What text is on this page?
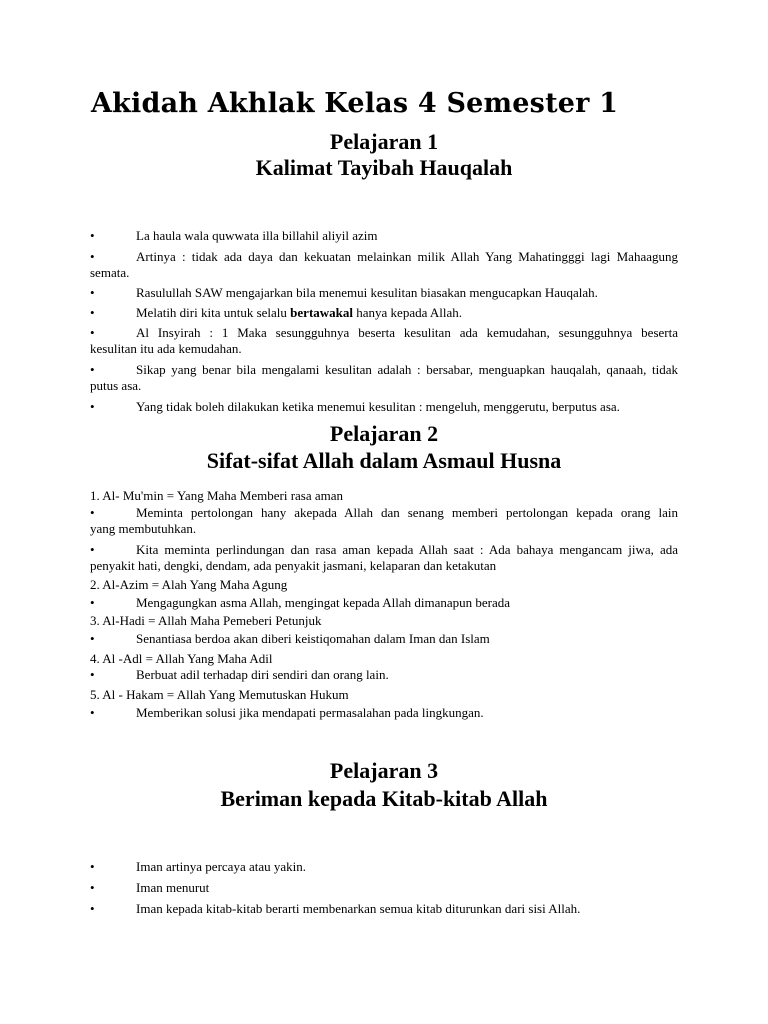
Akidah Akhlak Kelas 4 Semester 1
Pelajaran 1
Kalimat Tayibah Hauqalah
•	La haula wala quwwata illa billahil aliyil azim
•	Artinya : tidak ada daya dan kekuatan melainkan milik Allah Yang Mahatingggi lagi Mahaagung
semata.
•	Rasulullah SAW mengajarkan bila menemui kesulitan biasakan mengucapkan Hauqalah.
•	Melatih diri kita untuk selalu bertawakal hanya kepada Allah.
•	Al Insyirah : 1 Maka sesungguhnya beserta kesulitan ada kemudahan, sesungguhnya beserta
kesulitan itu ada kemudahan.
•	Sikap yang benar bila mengalami kesulitan adalah : bersabar, menguapkan hauqalah, qanaah, tidak
putus asa.
•	Yang tidak boleh dilakukan ketika menemui kesulitan : mengeluh, menggerutu, berputus asa.
Pelajaran 2
Sifat-sifat Allah dalam Asmaul Husna
1. Al- Mu'min = Yang Maha Memberi rasa aman
•	Meminta pertolongan hany akepada Allah dan senang memberi pertolongan kepada orang lain
yang membutuhkan.
•	Kita meminta perlindungan dan rasa aman kepada Allah saat : Ada bahaya mengancam jiwa, ada
penyakit hati, dengki, dendam, ada penyakit jasmani, kelaparan dan ketakutan
2. Al-Azim = Alah Yang Maha Agung
•	Mengagungkan asma Allah, mengingat kepada Allah dimanapun berada
3. Al-Hadi = Allah Maha Pemeberi Petunjuk
•	Senantiasa berdoa akan diberi keistiqomahan dalam Iman dan Islam
4. Al -Adl = Allah Yang Maha Adil
•	Berbuat adil terhadap diri sendiri dan orang lain.
5. Al - Hakam = Allah Yang Memutuskan Hukum
•	Memberikan solusi jika mendapati permasalahan pada lingkungan.
Pelajaran 3
Beriman kepada Kitab-kitab Allah
•	Iman artinya percaya atau yakin.
•	Iman menurut
•	Iman kepada kitab-kitab berarti membenarkan semua kitab diturunkan dari sisi Allah.
